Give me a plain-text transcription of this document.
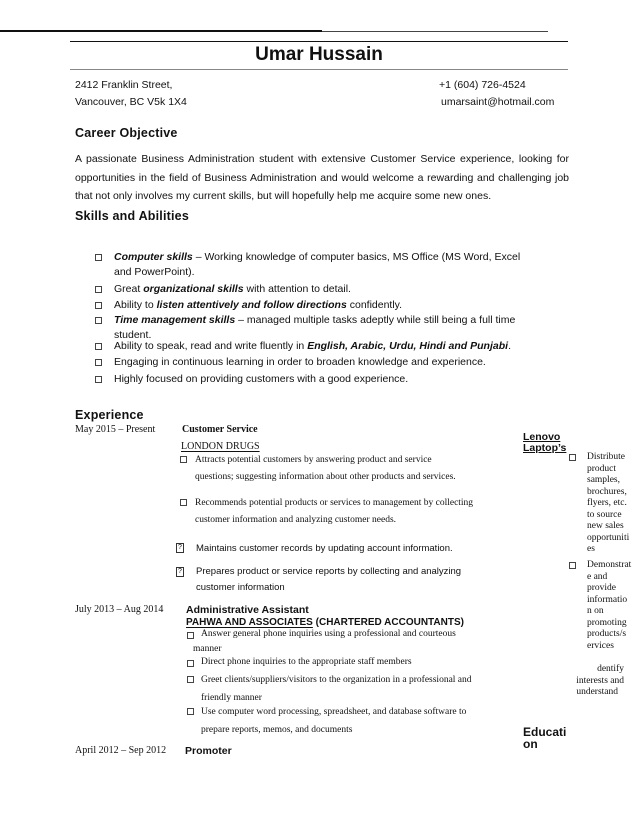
Umar Hussain
2412 Franklin Street,
Vancouver, BC V5k 1X4
+1 (604) 726-4524
umarsaint@hotmail.com
Career Objective
A passionate Business Administration student with extensive Customer Service experience, looking for
opportunities in the field of Business Administration and would welcome a rewarding and challenging job
that not only involves my current skills, but will hopefully help me acquire some new ones.
Skills and Abilities
Computer skills – Working knowledge of computer basics, MS Office (MS Word, Excel
and PowerPoint).
Great organizational skills with attention to detail.
Ability to listen attentively and follow directions confidently.
Time management skills – managed multiple tasks adeptly while still being a full time
student.
Ability to speak, read and write fluently in English, Arabic, Urdu, Hindi and Punjabi.
Engaging in continuous learning in order to broaden knowledge and experience.
Highly focused on providing customers with a good experience.
Experience
May 2015 – Present	Customer Service
LONDON DRUGS
Attracts potential customers by answering product and service
questions; suggesting information about other products and services.
Recommends potential products or services to management by collecting
customer information and analyzing customer needs.
? Maintains customer records by updating account information.
? Prepares product or service reports by collecting and analyzing
customer information
July 2013 – Aug 2014 Administrative Assistant
PAHWA AND ASSOCIATES (CHARTERED ACCOUNTANTS)
Answer general phone inquiries using a professional and courteous
manner
Direct phone inquiries to the appropriate staff members
Greet clients/suppliers/visitors to the organization in a professional and
friendly manner
Use computer word processing, spreadsheet, and database software to
prepare reports, memos, and documents
April 2012 – Sep 2012 Promoter
Lenovo
Laptop’s
Distribute
product
samples,
brochures,
flyers, etc.
to source
new sales
opportuniti
es
Demonstrat
e and
provide
informatio
n on
promoting
products/s
ervices
dentify
interests and
understand
Educati
on
